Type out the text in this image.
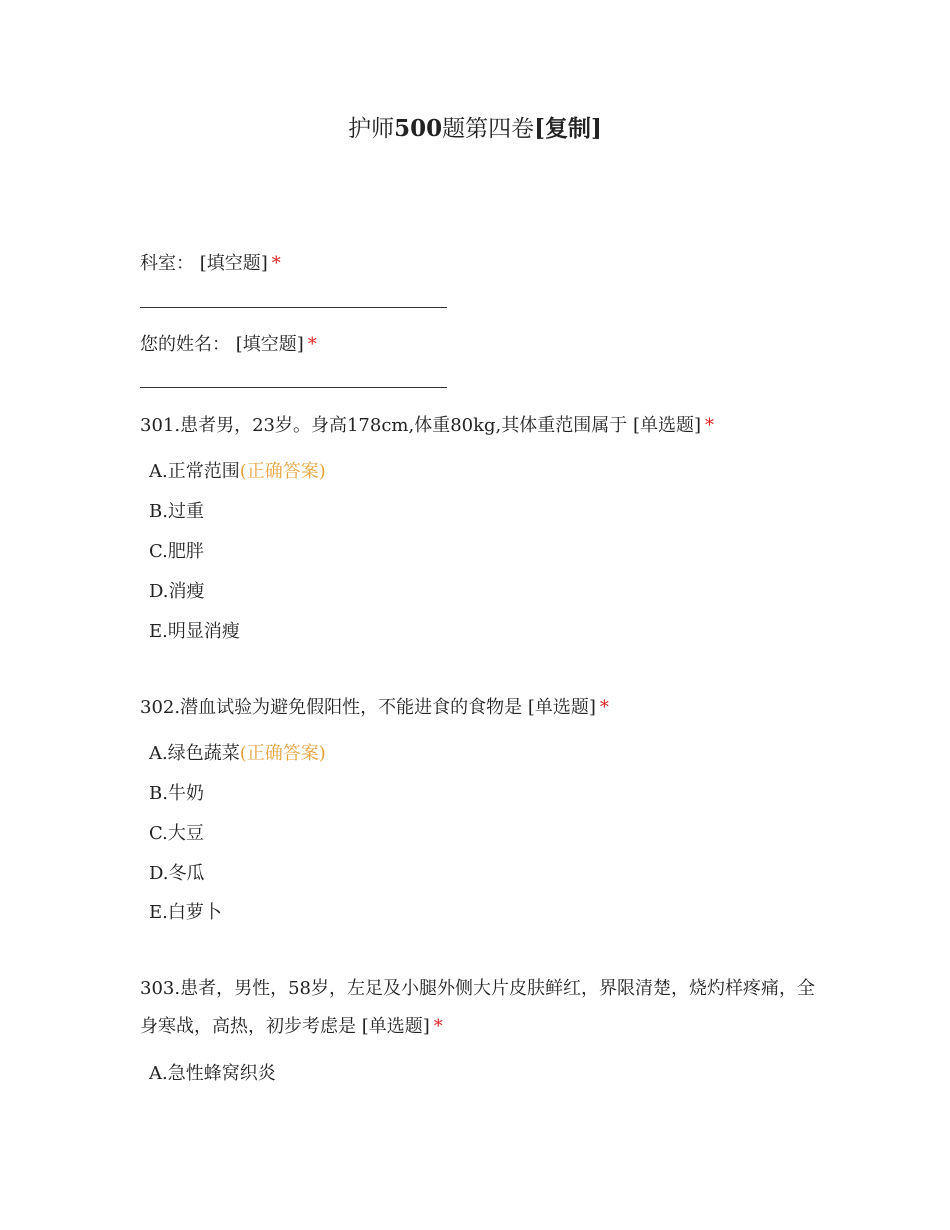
护师500题第四卷[复制]
科室： [填空题] *
您的姓名： [填空题] *
301.患者男，23岁。身高178cm,体重80kg,其体重范围属于 [单选题] *
A.正常范围(正确答案)
B.过重
C.肥胖
D.消瘦
E.明显消瘦
302.潜血试验为避免假阳性，不能进食的食物是 [单选题] *
A.绿色蔬菜(正确答案)
B.牛奶
C.大豆
D.冬瓜
E.白萝卜
303.患者，男性，58岁，左足及小腿外侧大片皮肤鲜红，界限清楚，烧灼样疼痛，全身寒战，高热，初步考虑是 [单选题] *
A.急性蜂窝织炎
